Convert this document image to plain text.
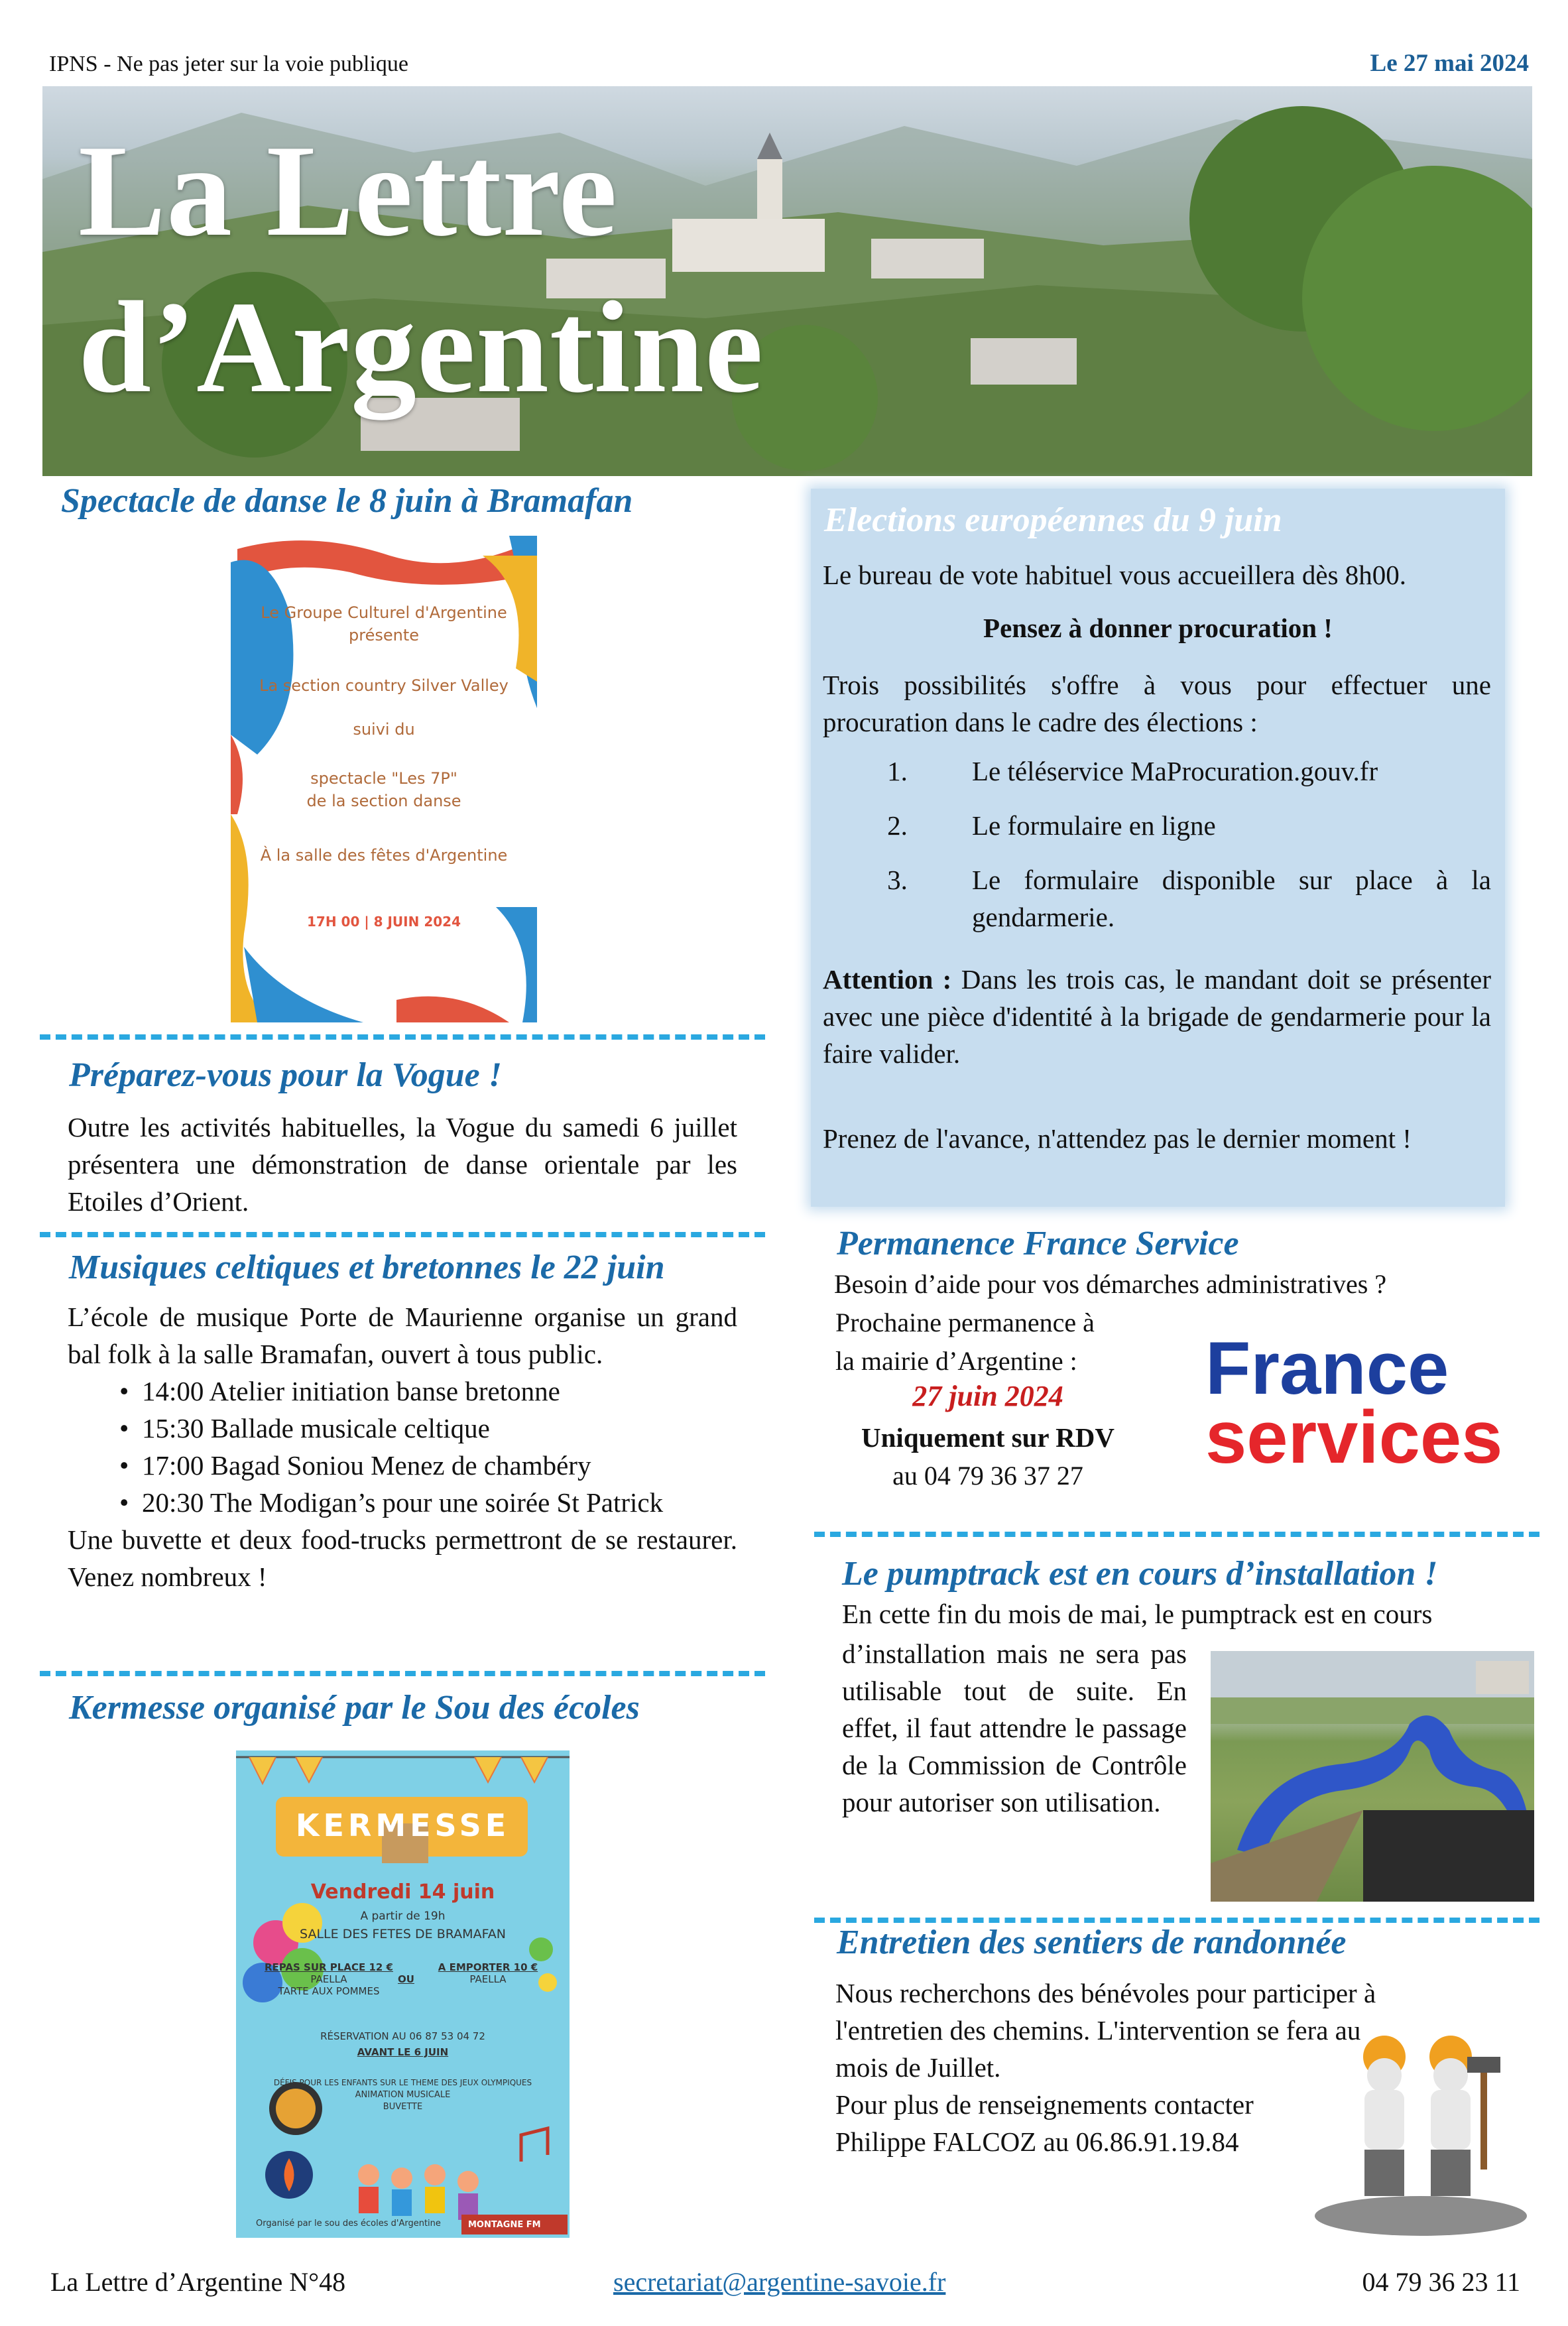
IPNS - Ne pas jeter sur la voie publique	Le 27 mai 2024
La Lettre
d’Argentine
Spectacle de danse le 8 juin à Bramafan
Le Groupe Culturel d'Argentine
présente
La section country Silver Valley
suivi du
spectacle "Les 7P"
de la section danse
À la salle des fêtes d'Argentine
17H 00 | 8 JUIN 2024
Préparez-vous pour la Vogue !
Outre les activités habituelles, la Vogue du samedi 6 juillet présentera une démonstration de danse orientale par les Etoiles d’Orient.
Musiques celtiques et bretonnes le 22 juin
L’école de musique Porte de Maurienne organise un grand bal folk à la salle Bramafan, ouvert à tous public.
• 14:00 Atelier initiation banse bretonne
• 15:30 Ballade musicale celtique
• 17:00 Bagad Soniou Menez de chambéry
• 20:30 The Modigan’s pour une soirée St Patrick
Une buvette et deux food-trucks permettront de se restaurer. Venez nombreux !
Kermesse organisé par le Sou des écoles
KERMESSE
Vendredi 14 juin
A partir de 19h
SALLE DES FETES DE BRAMAFAN
REPAS SUR PLACE 12 €
PAELLA
TARTE AUX POMMES
OU
A EMPORTER 10 €
PAELLA
RÉSERVATION AU 06 87 53 04 72
AVANT LE 6 JUIN
DÉFIS POUR LES ENFANTS SUR LE THEME DES JEUX OLYMPIQUES
ANIMATION MUSICALE
BUVETTE
Organisé par le sou des écoles d'Argentine	MONTAGNE FM
Elections européennes du 9 juin
Le bureau de vote habituel vous accueillera dès 8h00.
Pensez à donner procuration !
Trois possibilités s'offre à vous pour effectuer une procuration dans le cadre des élections :
1.	Le téléservice MaProcuration.gouv.fr
2.	Le formulaire en ligne
3.	Le formulaire disponible sur place à la gendarmerie.
Attention : Dans les trois cas, le mandant doit se présenter avec une pièce d'identité à la brigade de gendarmerie pour la faire valider.
Prenez de l'avance, n'attendez pas le dernier moment !
Permanence France Service
Besoin d’aide pour vos démarches administratives ?
Prochaine permanence à
la mairie d’Argentine :
27 juin 2024
Uniquement sur RDV
au 04 79 36 37 27
France
services
Le pumptrack est en cours d’installation !
En cette fin du mois de mai, le pumptrack est en cours
d’installation mais ne sera pas utilisable tout de suite. En effet, il faut attendre le passage de la Commission de Contrôle pour autoriser son utilisation.
Entretien des sentiers de randonnée
Nous recherchons des bénévoles pour participer à l'entretien des chemins. L'intervention se fera au mois de Juillet.
Pour plus de renseignements contacter
Philippe FALCOZ au 06.86.91.19.84
La Lettre d’Argentine N°48	secretariat@argentine-savoie.fr	04 79 36 23 11
